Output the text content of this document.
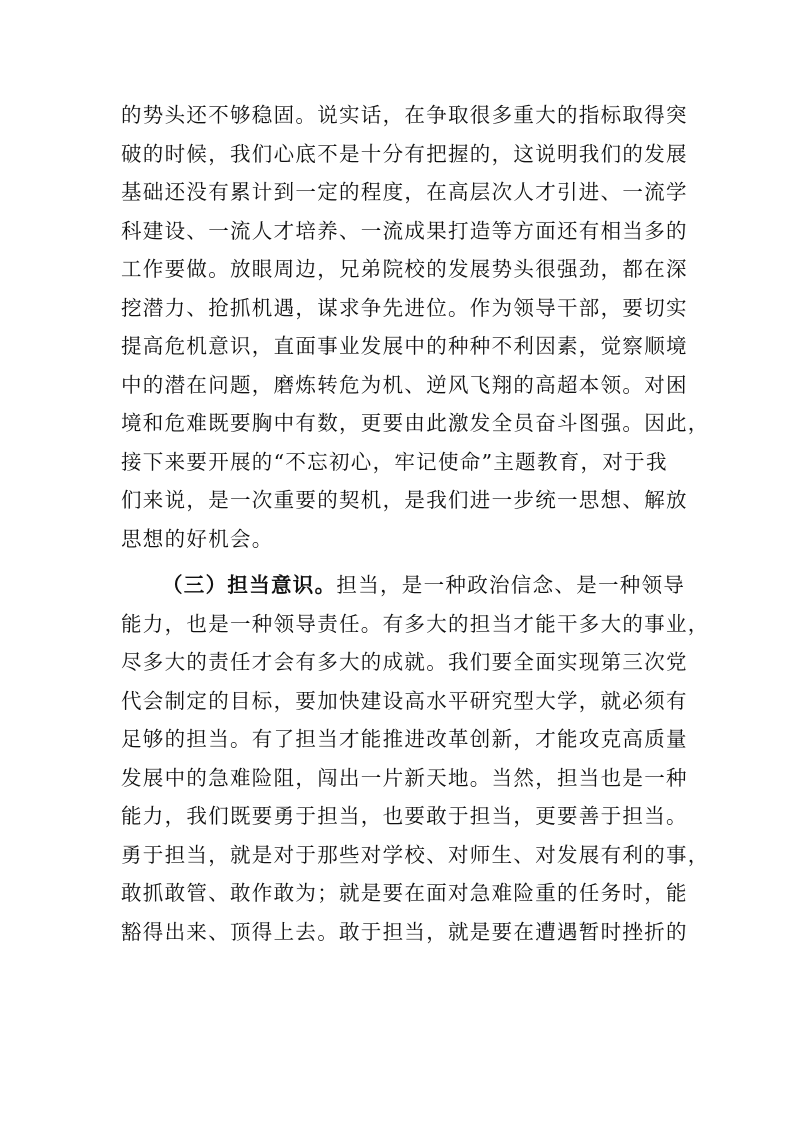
的势头还不够稳固。说实话，在争取很多重大的指标取得突
破的时候，我们心底不是十分有把握的，这说明我们的发展
基础还没有累计到一定的程度，在高层次人才引进、一流学
科建设、一流人才培养、一流成果打造等方面还有相当多的
工作要做。放眼周边，兄弟院校的发展势头很强劲，都在深
挖潜力、抢抓机遇，谋求争先进位。作为领导干部，要切实
提高危机意识，直面事业发展中的种种不利因素，觉察顺境
中的潜在问题，磨炼转危为机、逆风飞翔的高超本领。对困
境和危难既要胸中有数，更要由此激发全员奋斗图强。因此，
接下来要开展的“不忘初心，牢记使命”主题教育，对于我
们来说，是一次重要的契机，是我们进一步统一思想、解放
思想的好机会。
（三）担当意识。担当，是一种政治信念、是一种领导
能力，也是一种领导责任。有多大的担当才能干多大的事业，
尽多大的责任才会有多大的成就。我们要全面实现第三次党
代会制定的目标，要加快建设高水平研究型大学，就必须有
足够的担当。有了担当才能推进改革创新，才能攻克高质量
发展中的急难险阻，闯出一片新天地。当然，担当也是一种
能力，我们既要勇于担当，也要敢于担当，更要善于担当。
勇于担当，就是对于那些对学校、对师生、对发展有利的事，
敢抓敢管、敢作敢为；就是要在面对急难险重的任务时，能
豁得出来、顶得上去。敢于担当，就是要在遭遇暂时挫折的
